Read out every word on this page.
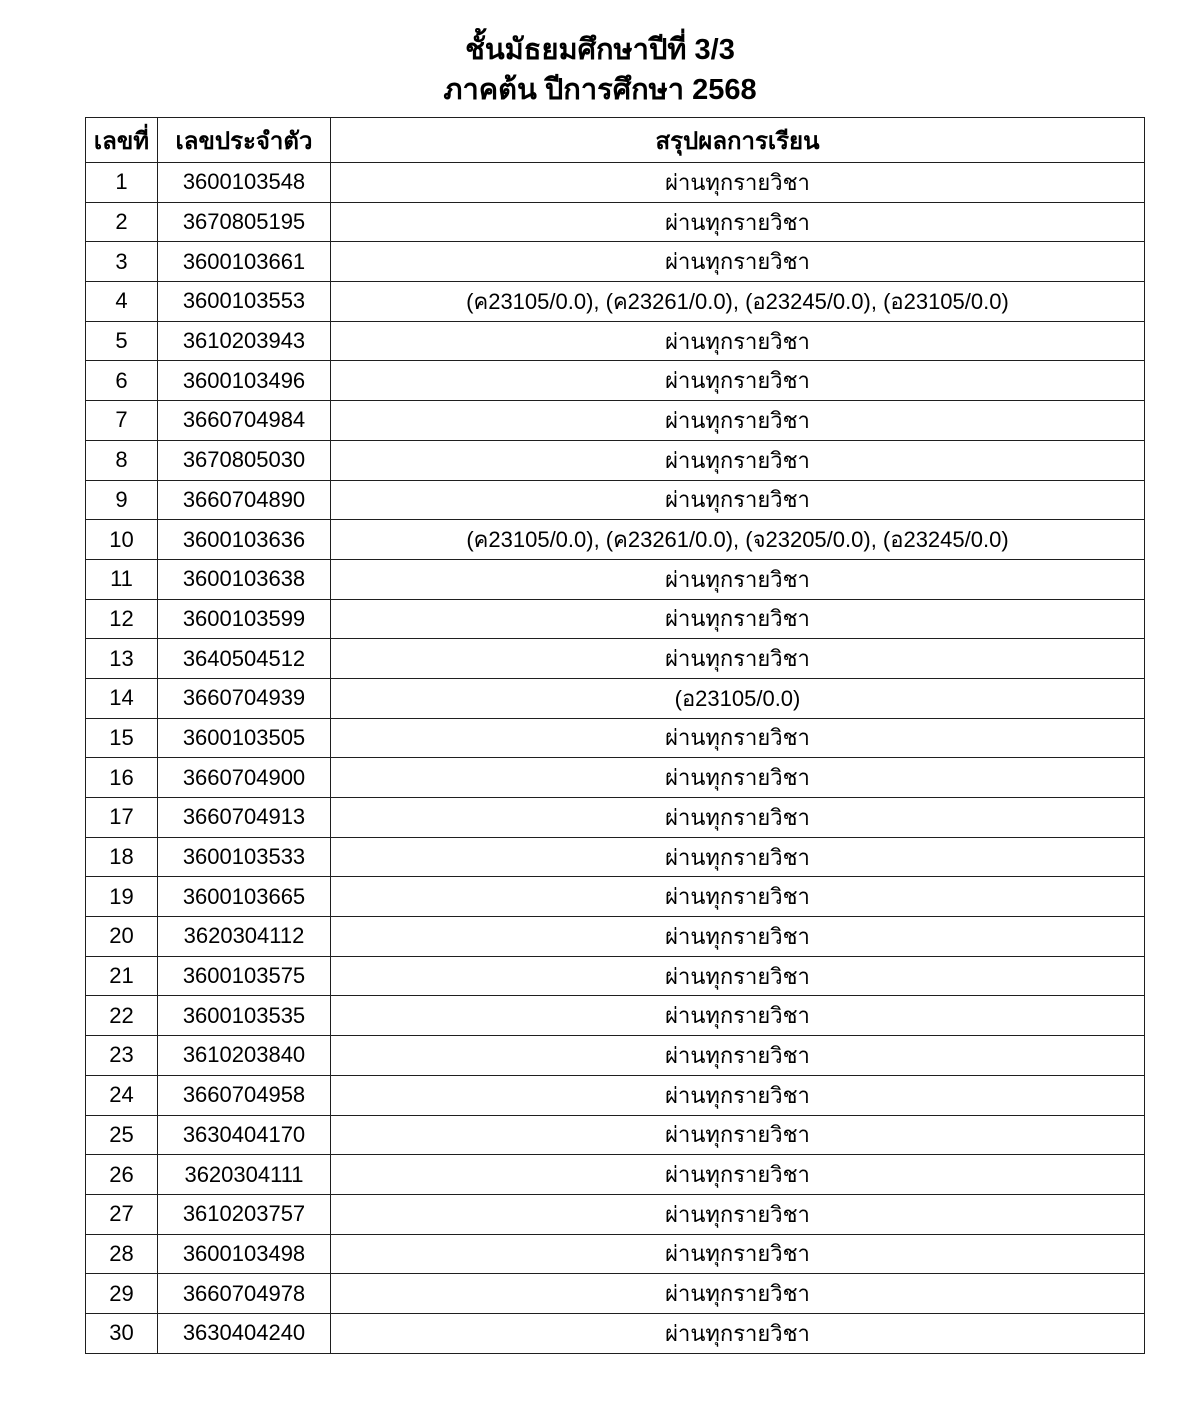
ชั้นมัธยมศึกษาปีที่ 3/3
ภาคต้น ปีการศึกษา 2568
เลขที่	เลขประจำตัว	สรุปผลการเรียน
1	3600103548	ผ่านทุกรายวิชา
2	3670805195	ผ่านทุกรายวิชา
3	3600103661	ผ่านทุกรายวิชา
4	3600103553	(ค23105/0.0), (ค23261/0.0), (อ23245/0.0), (อ23105/0.0)
5	3610203943	ผ่านทุกรายวิชา
6	3600103496	ผ่านทุกรายวิชา
7	3660704984	ผ่านทุกรายวิชา
8	3670805030	ผ่านทุกรายวิชา
9	3660704890	ผ่านทุกรายวิชา
10	3600103636	(ค23105/0.0), (ค23261/0.0), (จ23205/0.0), (อ23245/0.0)
11	3600103638	ผ่านทุกรายวิชา
12	3600103599	ผ่านทุกรายวิชา
13	3640504512	ผ่านทุกรายวิชา
14	3660704939	(อ23105/0.0)
15	3600103505	ผ่านทุกรายวิชา
16	3660704900	ผ่านทุกรายวิชา
17	3660704913	ผ่านทุกรายวิชา
18	3600103533	ผ่านทุกรายวิชา
19	3600103665	ผ่านทุกรายวิชา
20	3620304112	ผ่านทุกรายวิชา
21	3600103575	ผ่านทุกรายวิชา
22	3600103535	ผ่านทุกรายวิชา
23	3610203840	ผ่านทุกรายวิชา
24	3660704958	ผ่านทุกรายวิชา
25	3630404170	ผ่านทุกรายวิชา
26	3620304111	ผ่านทุกรายวิชา
27	3610203757	ผ่านทุกรายวิชา
28	3600103498	ผ่านทุกรายวิชา
29	3660704978	ผ่านทุกรายวิชา
30	3630404240	ผ่านทุกรายวิชา
